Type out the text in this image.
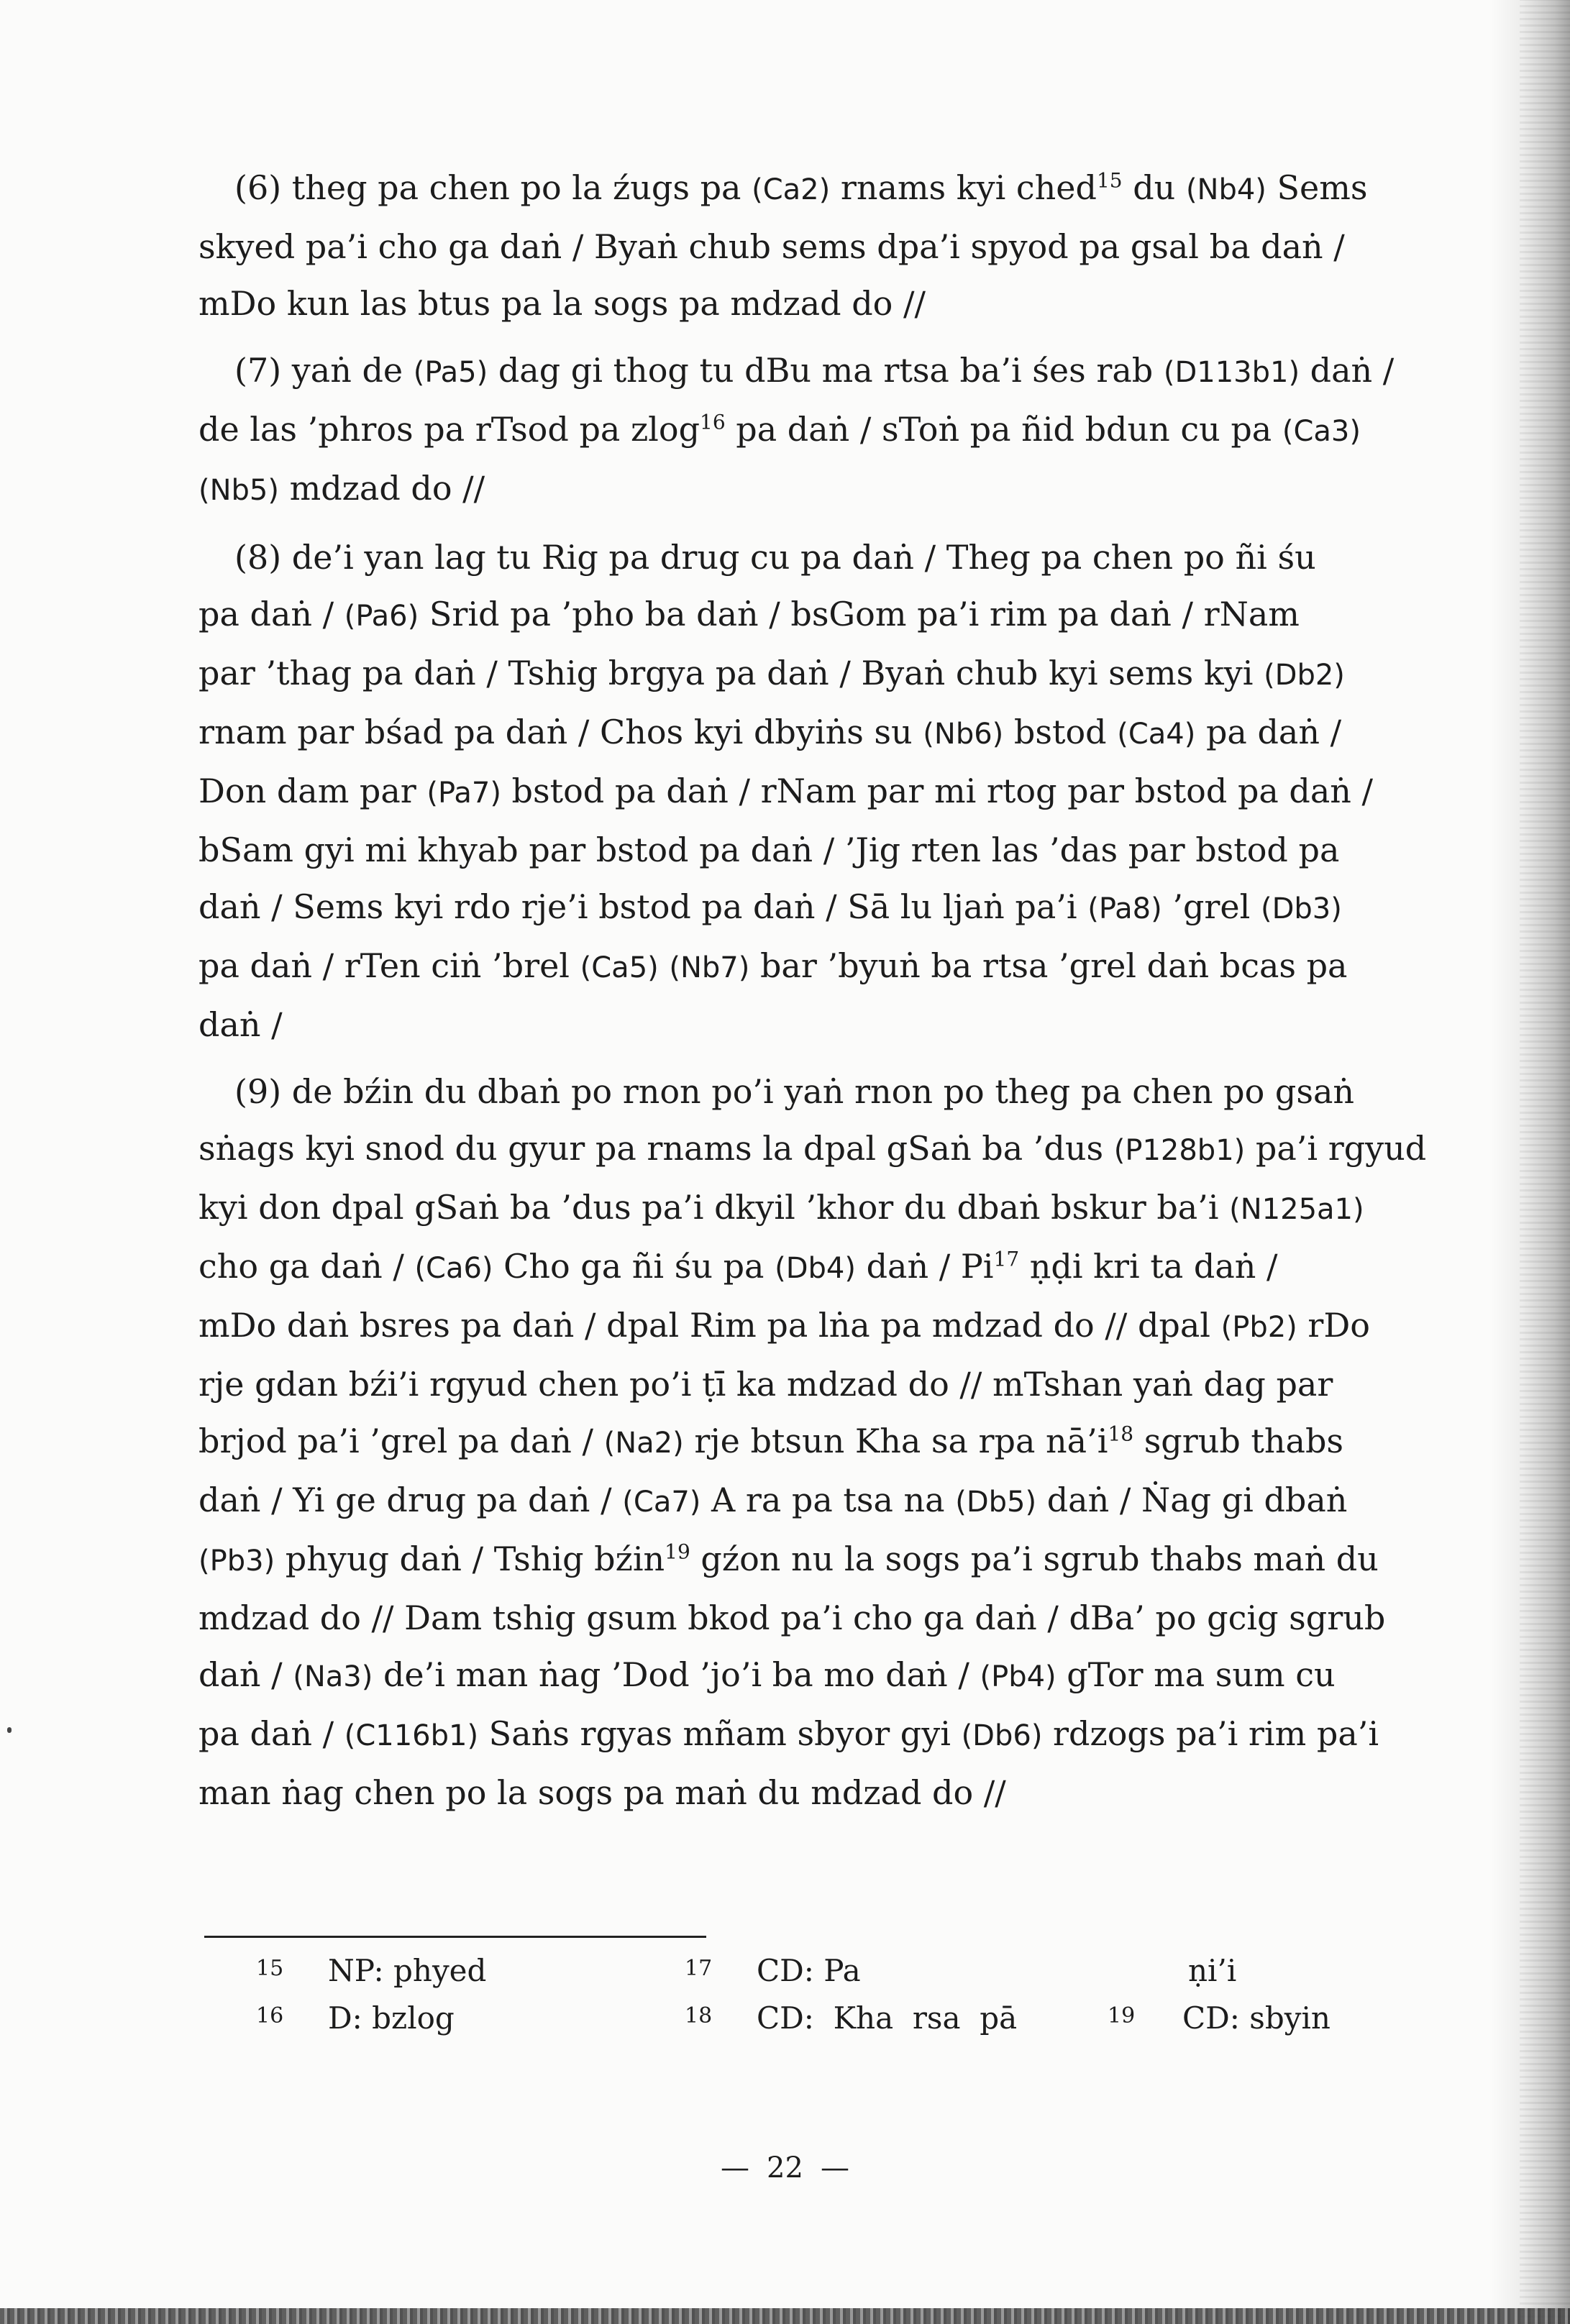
(6) theg pa chen po la źugs pa (Ca2) rnams kyi ched$^{15}$ du (Nb4) Sems
skyed pa’i cho ga daṅ / Byaṅ chub sems dpa’i spyod pa gsal ba daṅ /
mDo kun las btus pa la sogs pa mdzad do //
(7) yaṅ de (Pa5) dag gi thog tu dBu ma rtsa ba’i śes rab (D113b1) daṅ /
de las ’phros pa rTsod pa zlog$^{16}$ pa daṅ / sToṅ pa ñid bdun cu pa (Ca3)
(Nb5) mdzad do //
(8) de’i yan lag tu Rig pa drug cu pa daṅ / Theg pa chen po ñi śu
pa daṅ / (Pa6) Srid pa ’pho ba daṅ / bsGom pa’i rim pa daṅ / rNam
par ’thag pa daṅ / Tshig brgya pa daṅ / Byaṅ chub kyi sems kyi (Db2)
rnam par bśad pa daṅ / Chos kyi dbyiṅs su (Nb6) bstod (Ca4) pa daṅ /
Don dam par (Pa7) bstod pa daṅ / rNam par mi rtog par bstod pa daṅ /
bSam gyi mi khyab par bstod pa daṅ / ’Jig rten las ’das par bstod pa
daṅ / Sems kyi rdo rje’i bstod pa daṅ / Sā lu ljaṅ pa’i (Pa8) ’grel (Db3)
pa daṅ / rTen ciṅ ’brel (Ca5) (Nb7) bar ’byuṅ ba rtsa ’grel daṅ bcas pa
daṅ /
(9) de bźin du dbaṅ po rnon po’i yaṅ rnon po theg pa chen po gsaṅ
sṅags kyi snod du gyur pa rnams la dpal gSaṅ ba ’dus (P128b1) pa’i rgyud
kyi don dpal gSaṅ ba ’dus pa’i dkyil ’khor du dbaṅ bskur ba’i (N125a1)
cho ga daṅ / (Ca6) Cho ga ñi śu pa (Db4) daṅ / Pi$^{17}$ ṇḍi kri ta daṅ /
mDo daṅ bsres pa daṅ / dpal Rim pa lṅa pa mdzad do // dpal (Pb2) rDo
rje gdan bźi’i rgyud chen po’i ṭī ka mdzad do // mTshan yaṅ dag par
brjod pa’i ’grel pa daṅ / (Na2) rje btsun Kha sa rpa $nā’i^{18}$ sgrub thabs
daṅ / Yi ge drug pa daṅ / (Ca7) A ra pa tsa na (Db5) daṅ / Ṅag gi dbaṅ
(Pb3) phyug daṅ / Tshig bźin$^{19}$ gźon nu la sogs pa’i sgrub thabs maṅ du
mdzad do // Dam tshig gsum bkod pa’i cho ga daṅ / dBa’ po gcig sgrub
daṅ / (Na3) de’i man ṅag ’Dod ’jo’i ba mo daṅ / (Pb4) gTor ma sum cu
pa daṅ / (C116b1) Saṅs rgyas mñam sbyor gyi (Db6) rdzogs pa’i rim pa’i
man ṅag chen po la sogs pa maṅ du mdzad do //
15 NP: phyed	17 CD: Pa	ṇi’i
16 D: bzlog	18 CD:  Kha  rsa  pā	19 CD: sbyin
— 22 —
